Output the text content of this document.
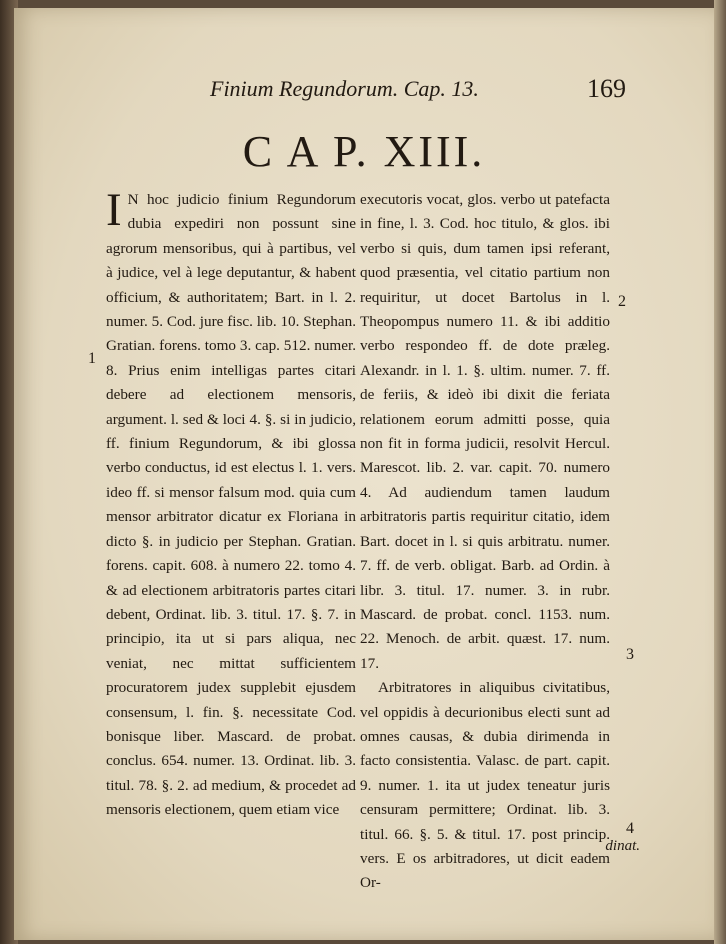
Finium Regundorum. Cap. 13.	169
C A P. XIII.

I N hoc judicio finium Regundorum dubia expediri non possunt sine agrorum mensoribus, qui à partibus, vel à judice, vel à lege deputantur, & habent officium, & authoritatem; Bart. in l. 2. numer. 5. Cod. jure fisc. lib. 10. Stephan. Gratian. forens. tomo 3. cap. 512. numer. 8. Prius enim intelligas partes citari debere ad electionem mensoris, argument. l. sed & loci 4. §. si in judicio, ff. finium Regundorum, & ibi glossa verbo conductus, id est electus l. 1. vers. ideo ff. si mensor falsum mod. quia cum mensor arbitrator dicatur ex Floriana in dicto §. in judicio per Stephan. Gratian. forens. capit. 608. à numero 22. tomo 4. & ad electionem arbitratoris partes citari debent, Ordinat. lib. 3. titul. 17. §. 7. in principio, ita ut si pars aliqua, nec veniat, nec mittat sufficientem procuratorem judex supplebit ejusdem consensum, l. fin. §. necessitate Cod. bonisque liber. Mascard. de probat. conclus. 654. numer. 13. Ordinat. lib. 3. titul. 78. §. 2. ad medium, & procedet ad mensoris electionem, quem etiam vice

executoris vocat, glos. verbo ut patefacta in fine, l. 3. Cod. hoc titulo, & glos. ibi verbo si quis, dum tamen ipsi referant, quod præsentia, vel citatio partium non requiritur, ut docet Bartolus in l. Theopompus numero 11. & ibi additio verbo respondeo ff. de dote præleg. Alexandr. in l. 1. §. ultim. numer. 7. ff. de feriis, & ideò ibi dixit die feriata relationem eorum admitti posse, quia non fit in forma judicii, resolvit Hercul. Marescot. lib. 2. var. capit. 70. numero 4. Ad audiendum tamen laudum arbitratoris partis requiritur citatio, idem Bart. docet in l. si quis arbitratu. numer. 7. ff. de verb. obligat. Barb. ad Ordin. à libr. 3. titul. 17. numer. 3. in rubr. Mascard. de probat. concl. 1153. num. 22. Menoch. de arbit. quæst. 17. num. 17.

Arbitratores in aliquibus civitatibus, vel oppidis à decurionibus electi sunt ad omnes causas, & dubia dirimenda in facto consistentia. Valasc. de part. capit. 9. numer. 1. ita ut judex teneatur juris censuram permittere; Ordinat. lib. 3. titul. 66. §. 5. & titul. 17. post princip. vers. E os arbitradores, ut dicit eadem Or-

dinat.
1
2
3
4
